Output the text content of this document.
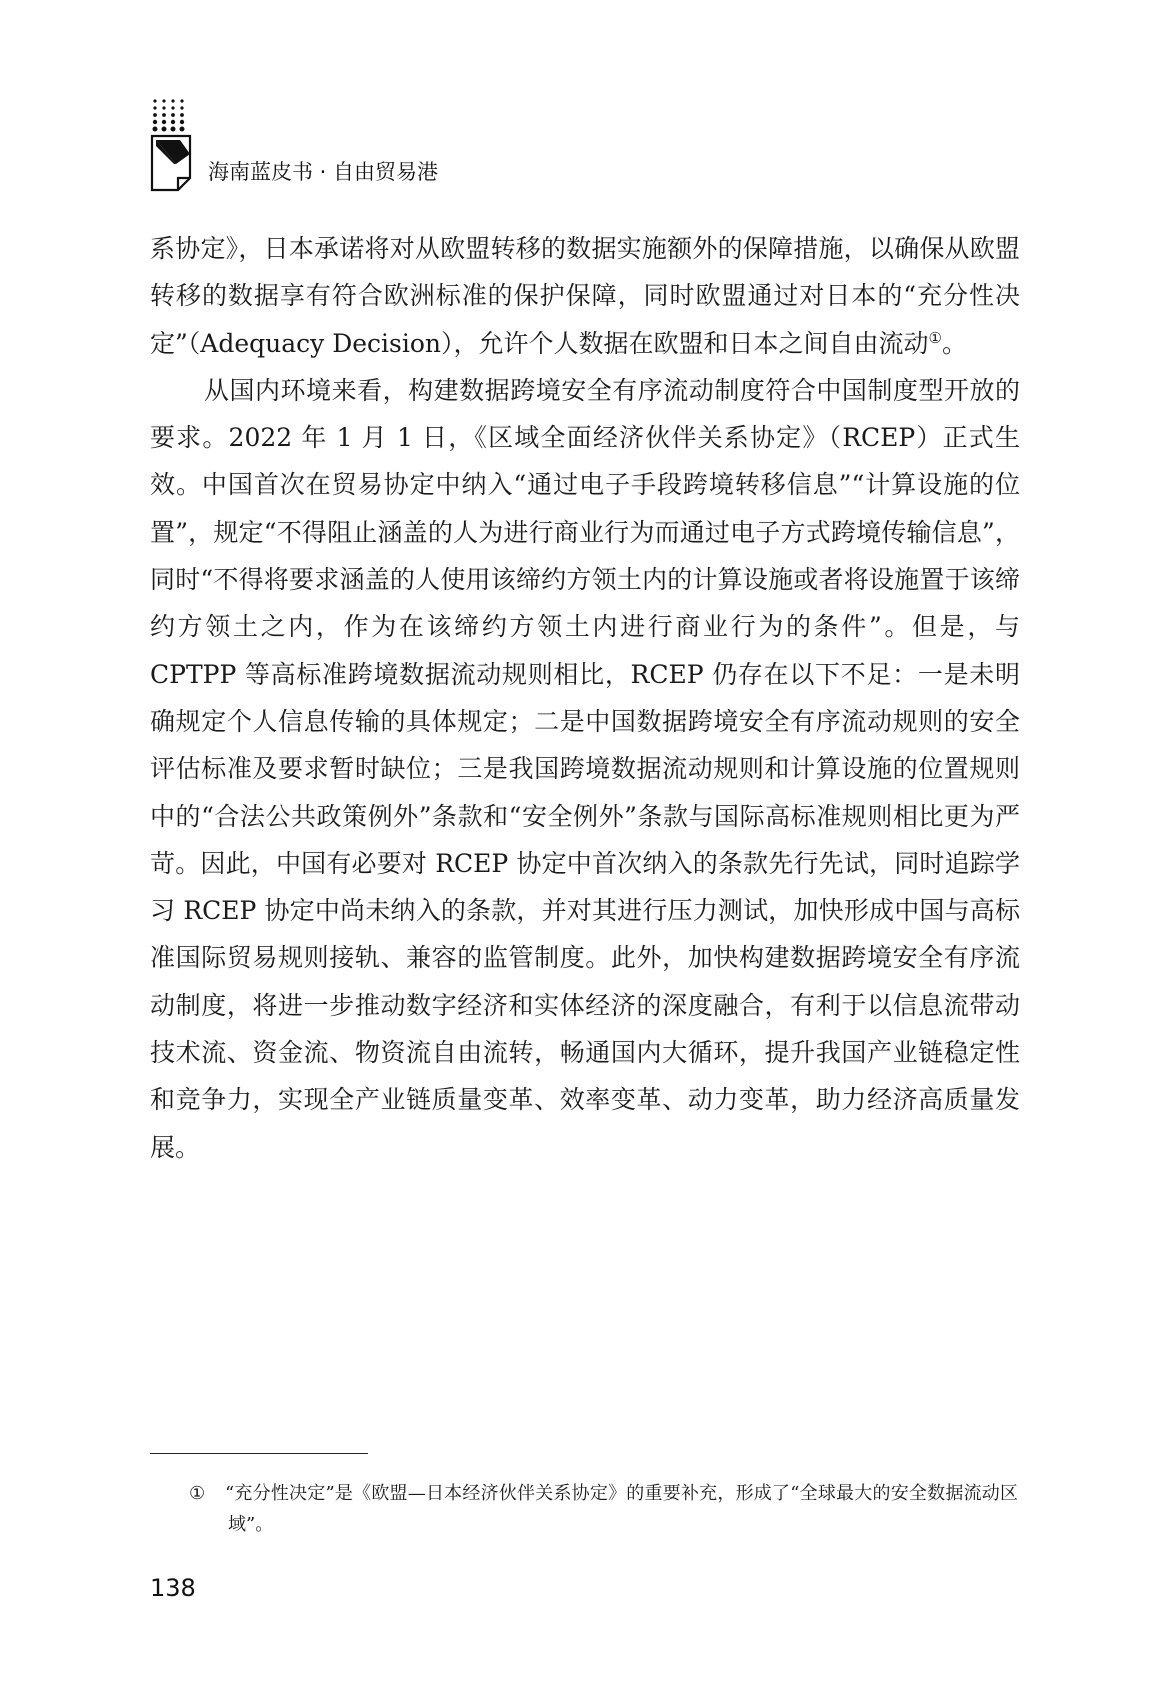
海南蓝皮书 · 自由贸易港

系协定》，日本承诺将对从欧盟转移的数据实施额外的保障措施，以确保从欧盟转移的数据享有符合欧洲标准的保护保障，同时欧盟通过对日本的“充分性决定”（Adequacy Decision），允许个人数据在欧盟和日本之间自由流动①。

从国内环境来看，构建数据跨境安全有序流动制度符合中国制度型开放的要求。2022 年 1 月 1 日，《区域全面经济伙伴关系协定》（RCEP）正式生效。中国首次在贸易协定中纳入“通过电子手段跨境转移信息”“计算设施的位置”，规定“不得阻止涵盖的人为进行商业行为而通过电子方式跨境传输信息”，同时“不得将要求涵盖的人使用该缔约方领土内的计算设施或者将设施置于该缔约方领土之内，作为在该缔约方领土内进行商业行为的条件”。但是，与 CPTPP 等高标准跨境数据流动规则相比，RCEP 仍存在以下不足：一是未明确规定个人信息传输的具体规定；二是中国数据跨境安全有序流动规则的安全评估标准及要求暂时缺位；三是我国跨境数据流动规则和计算设施的位置规则中的“合法公共政策例外”条款和“安全例外”条款与国际高标准规则相比更为严苛。因此，中国有必要对 RCEP 协定中首次纳入的条款先行先试，同时追踪学习 RCEP 协定中尚未纳入的条款，并对其进行压力测试，加快形成中国与高标准国际贸易规则接轨、兼容的监管制度。此外，加快构建数据跨境安全有序流动制度，将进一步推动数字经济和实体经济的深度融合，有利于以信息流带动技术流、资金流、物资流自由流转，畅通国内大循环，提升我国产业链稳定性和竞争力，实现全产业链质量变革、效率变革、动力变革，助力经济高质量发展。

① “充分性决定”是《欧盟—日本经济伙伴关系协定》的重要补充，形成了“全球最大的安全数据流动区域”。
138
